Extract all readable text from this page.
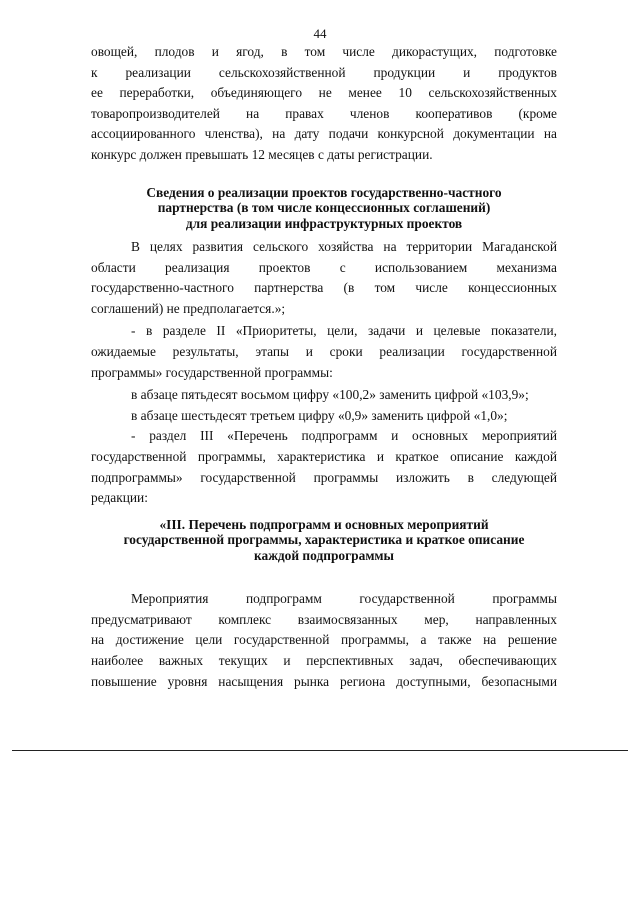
44
овощей, плодов и ягод, в том числе дикорастущих, подготовке
к реализации сельскохозяйственной продукции и продуктов
ее переработки, объединяющего не менее 10 сельскохозяйственных
товаропроизводителей на правах членов кооперативов (кроме
ассоциированного членства), на дату подачи конкурсной документации на
конкурс должен превышать 12 месяцев с даты регистрации.
Сведения о реализации проектов государственно-частного
партнерства (в том числе концессионных соглашений)
для реализации инфраструктурных проектов
В целях развития сельского хозяйства на территории Магаданской
области реализация проектов с использованием механизма
государственно-частного партнерства (в том числе концессионных
соглашений) не предполагается.»;
- в разделе II «Приоритеты, цели, задачи и целевые показатели,
ожидаемые результаты, этапы и сроки реализации государственной
программы» государственной программы:
в абзаце пятьдесят восьмом цифру «100,2» заменить цифрой «103,9»;
в абзаце шестьдесят третьем цифру «0,9» заменить цифрой «1,0»;
- раздел III «Перечень подпрограмм и основных мероприятий
государственной программы, характеристика и краткое описание каждой
подпрограммы» государственной программы изложить в следующей
редакции:
«III. Перечень подпрограмм и основных мероприятий
государственной программы, характеристика и краткое описание
каждой подпрограммы
Мероприятия подпрограмм государственной программы
предусматривают комплекс взаимосвязанных мер, направленных
на достижение цели государственной программы, а также на решение
наиболее важных текущих и перспективных задач, обеспечивающих
повышение уровня насыщения рынка региона доступными, безопасными
